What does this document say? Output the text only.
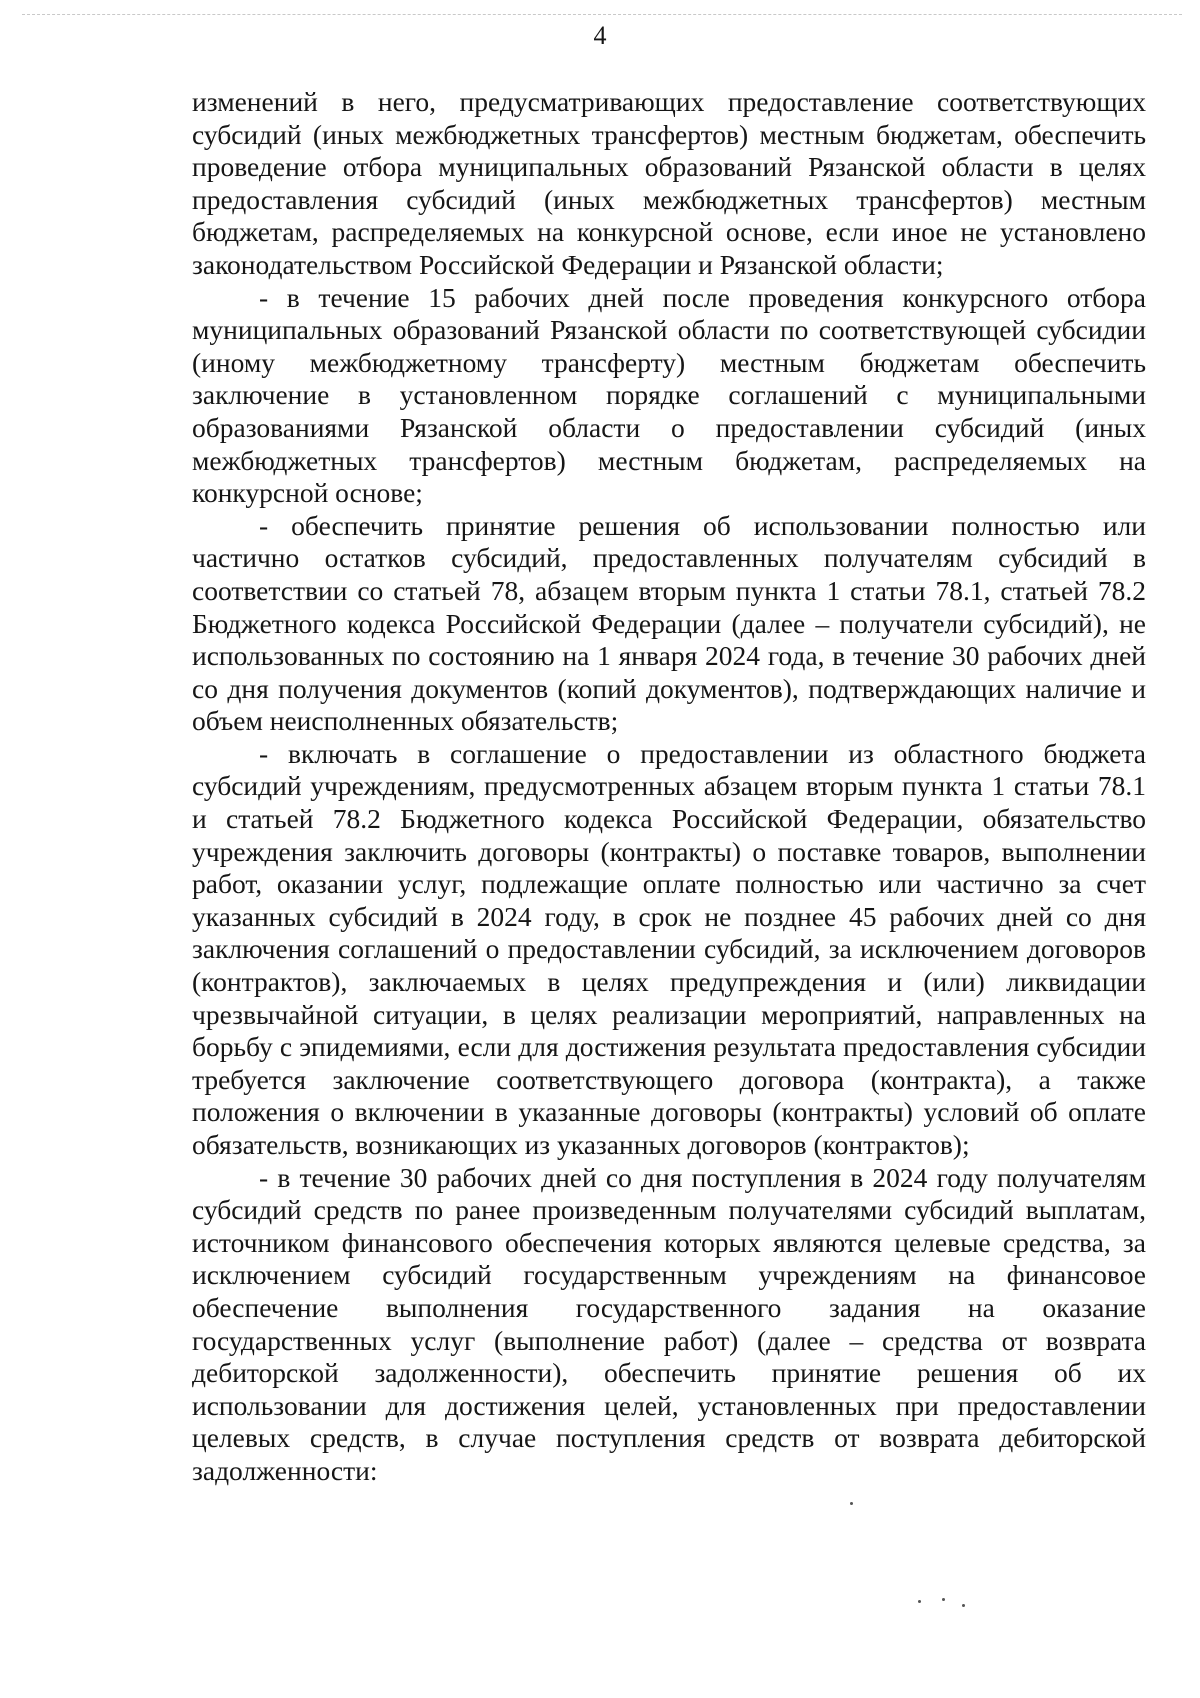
4

изменений в него, предусматривающих предоставление соответствующих субсидий (иных межбюджетных трансфертов) местным бюджетам, обеспечить проведение отбора муниципальных образований Рязанской области в целях предоставления субсидий (иных межбюджетных трансфертов) местным бюджетам, распределяемых на конкурсной основе, если иное не установлено законодательством Российской Федерации и Рязанской области;

- в течение 15 рабочих дней после проведения конкурсного отбора муниципальных образований Рязанской области по соответствующей субсидии (иному межбюджетному трансферту) местным бюджетам обеспечить заключение в установленном порядке соглашений с муниципальными образованиями Рязанской области о предоставлении субсидий (иных межбюджетных трансфертов) местным бюджетам, распределяемых на конкурсной основе;

- обеспечить принятие решения об использовании полностью или частично остатков субсидий, предоставленных получателям субсидий в соответствии со статьей 78, абзацем вторым пункта 1 статьи 78.1, статьей 78.2 Бюджетного кодекса Российской Федерации (далее – получатели субсидий), не использованных по состоянию на 1 января 2024 года, в течение 30 рабочих дней со дня получения документов (копий документов), подтверждающих наличие и объем неисполненных обязательств;

- включать в соглашение о предоставлении из областного бюджета субсидий учреждениям, предусмотренных абзацем вторым пункта 1 статьи 78.1 и статьей 78.2 Бюджетного кодекса Российской Федерации, обязательство учреждения заключить договоры (контракты) о поставке товаров, выполнении работ, оказании услуг, подлежащие оплате полностью или частично за счет указанных субсидий в 2024 году, в срок не позднее 45 рабочих дней со дня заключения соглашений о предоставлении субсидий, за исключением договоров (контрактов), заключаемых в целях предупреждения и (или) ликвидации чрезвычайной ситуации, в целях реализации мероприятий, направленных на борьбу с эпидемиями, если для достижения результата предоставления субсидии требуется заключение соответствующего договора (контракта), а также положения о включении в указанные договоры (контракты) условий об оплате обязательств, возникающих из указанных договоров (контрактов);

- в течение 30 рабочих дней со дня поступления в 2024 году получателям субсидий средств по ранее произведенным получателями субсидий выплатам, источником финансового обеспечения которых являются целевые средства, за исключением субсидий государственным учреждениям на финансовое обеспечение выполнения государственного задания на оказание государственных услуг (выполнение работ) (далее – средства от возврата дебиторской задолженности), обеспечить принятие решения об их использовании для достижения целей, установленных при предоставлении целевых средств, в случае поступления средств от возврата дебиторской задолженности:
